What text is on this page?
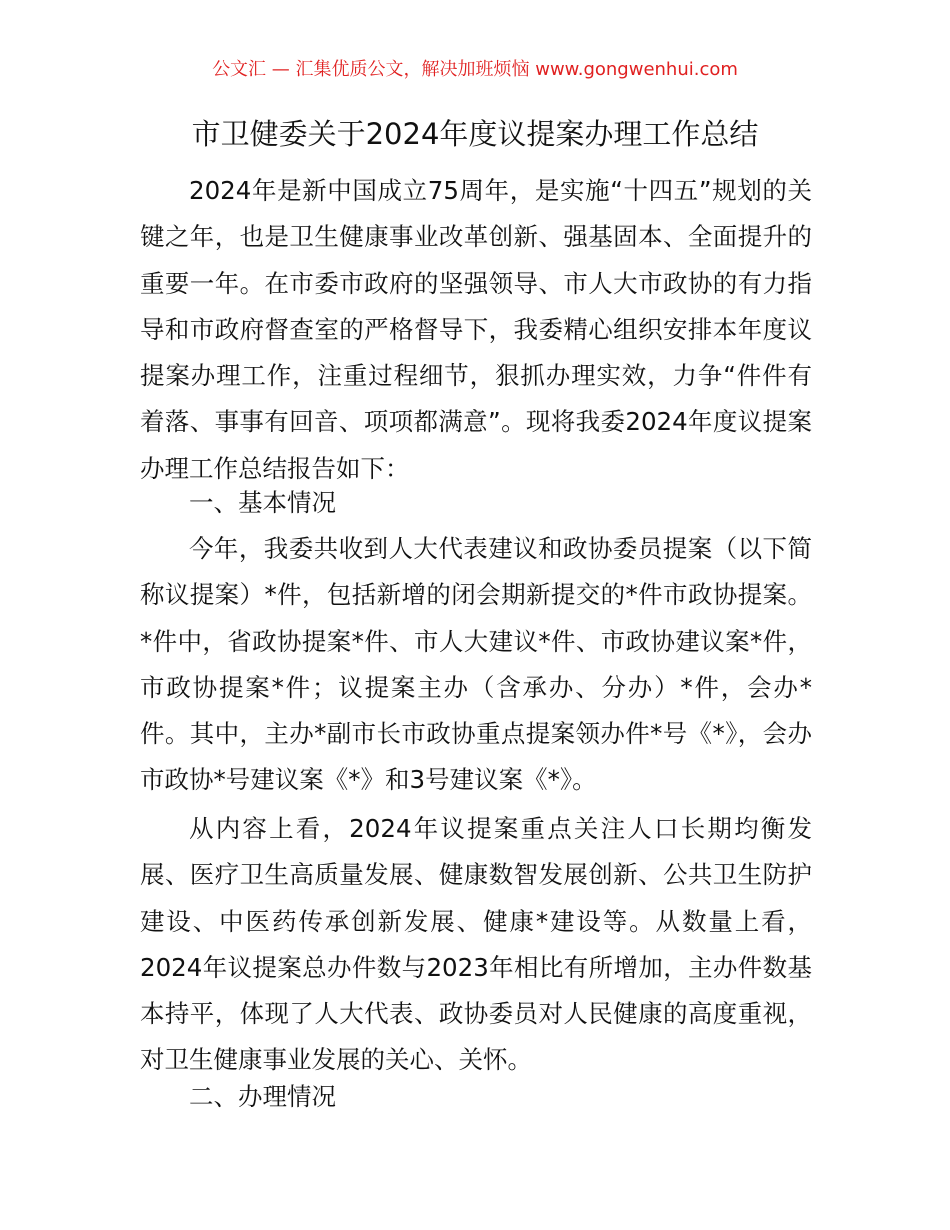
公文汇 — 汇集优质公文，解决加班烦恼 www.gongwenhui.com
市卫健委关于2024年度议提案办理工作总结
2024年是新中国成立75周年，是实施“十四五”规划的关键之年，也是卫生健康事业改革创新、强基固本、全面提升的重要一年。在市委市政府的坚强领导、市人大市政协的有力指导和市政府督查室的严格督导下，我委精心组织安排本年度议提案办理工作，注重过程细节，狠抓办理实效，力争“件件有着落、事事有回音、项项都满意”。现将我委2024年度议提案办理工作总结报告如下：
一、基本情况
今年，我委共收到人大代表建议和政协委员提案（以下简称议提案）*件，包括新增的闭会期新提交的*件市政协提案。*件中，省政协提案*件、市人大建议*件、市政协建议案*件，市政协提案*件；议提案主办（含承办、分办）*件，会办*件。其中，主办*副市长市政协重点提案领办件*号《*》，会办市政协*号建议案《*》和3号建议案《*》。
从内容上看，2024年议提案重点关注人口长期均衡发展、医疗卫生高质量发展、健康数智发展创新、公共卫生防护建设、中医药传承创新发展、健康*建设等。从数量上看，2024年议提案总办件数与2023年相比有所增加，主办件数基本持平，体现了人大代表、政协委员对人民健康的高度重视，对卫生健康事业发展的关心、关怀。
二、办理情况
